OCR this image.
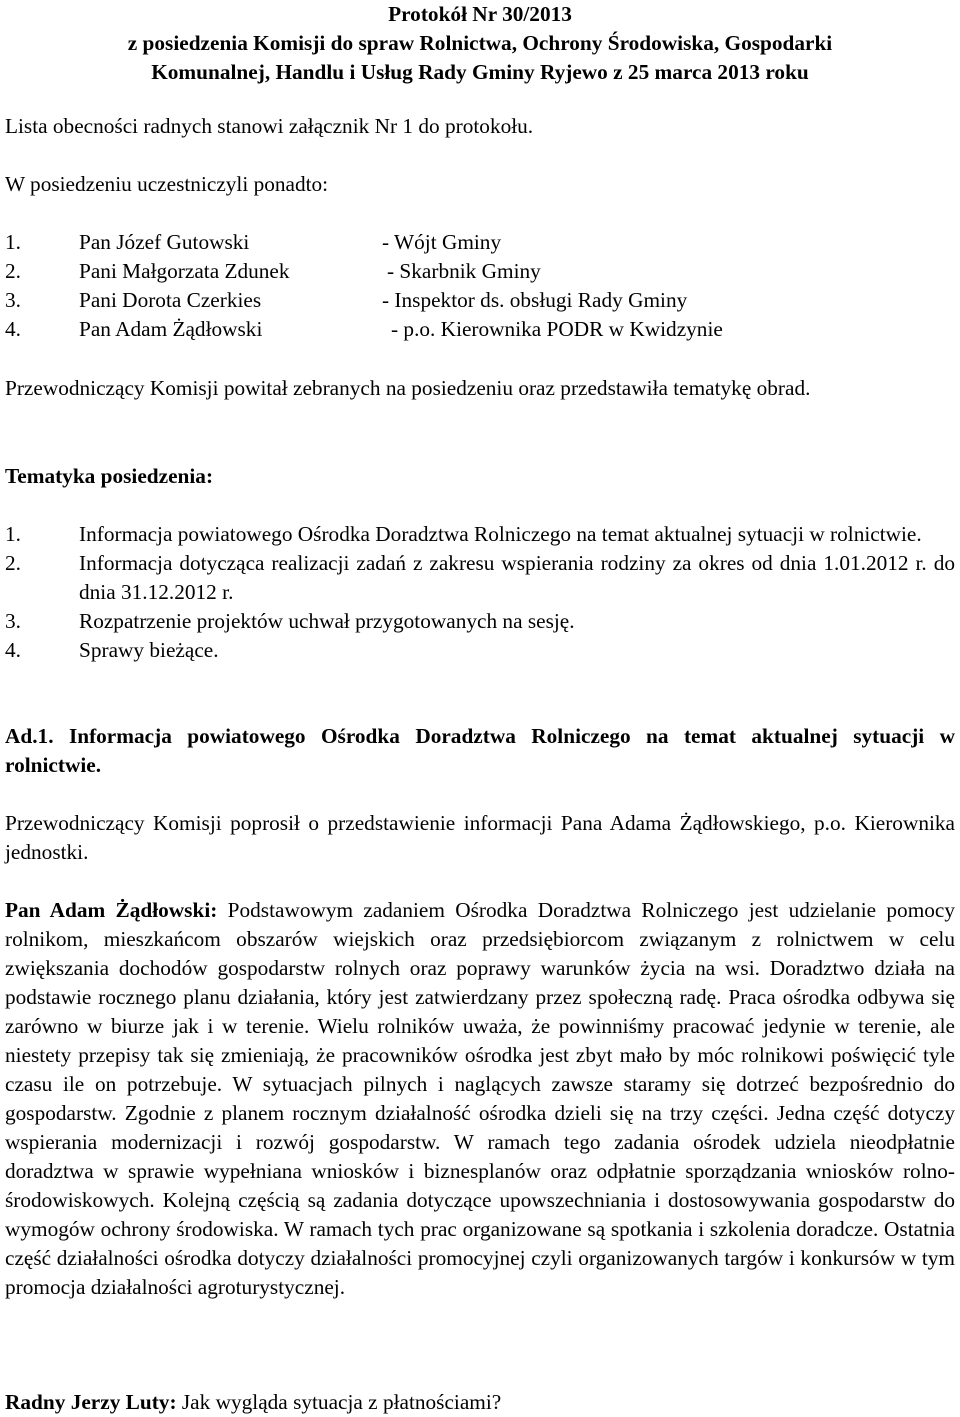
Protokół Nr 30/2013
z posiedzenia Komisji do spraw Rolnictwa, Ochrony Środowiska, Gospodarki
Komunalnej, Handlu i Usług Rady Gminy Ryjewo z 25 marca 2013 roku

Lista obecności radnych stanowi załącznik Nr 1 do protokołu.

W posiedzeniu uczestniczyli ponadto:

1.	Pan Józef Gutowski	- Wójt Gminy
2.	Pani Małgorzata Zdunek	- Skarbnik Gminy
3.	Pani Dorota Czerkies	- Inspektor ds. obsługi Rady Gminy
4.	Pan Adam Żądłowski	- p.o. Kierownika PODR w Kwidzynie

Przewodniczący Komisji powitał zebranych na posiedzeniu oraz przedstawiła tematykę obrad.

Tematyka posiedzenia:

1.	Informacja powiatowego Ośrodka Doradztwa Rolniczego na temat aktualnej sytuacji w rolnictwie.
2.	Informacja dotycząca realizacji zadań z zakresu wspierania rodziny za okres od dnia 1.01.2012 r. do dnia 31.12.2012 r.
3.	Rozpatrzenie projektów uchwał przygotowanych na sesję.
4.	Sprawy bieżące.

Ad.1. Informacja powiatowego Ośrodka Doradztwa Rolniczego na temat aktualnej sytuacji w rolnictwie.

Przewodniczący Komisji poprosił o przedstawienie informacji Pana Adama Żądłowskiego, p.o. Kierownika jednostki.

Pan Adam Żądłowski: Podstawowym zadaniem Ośrodka Doradztwa Rolniczego jest udzielanie pomocy rolnikom, mieszkańcom obszarów wiejskich oraz przedsiębiorcom związanym z rolnictwem w celu zwiększania dochodów gospodarstw rolnych oraz poprawy warunków życia na wsi. Doradztwo działa na podstawie rocznego planu działania, który jest zatwierdzany przez społeczną radę. Praca ośrodka odbywa się zarówno w biurze jak i w terenie. Wielu rolników uważa, że powinniśmy pracować jedynie w terenie, ale niestety przepisy tak się zmieniają, że pracowników ośrodka jest zbyt mało by móc rolnikowi poświęcić tyle czasu ile on potrzebuje. W sytuacjach pilnych i naglących zawsze staramy się dotrzeć bezpośrednio do gospodarstw. Zgodnie z planem rocznym działalność ośrodka dzieli się na trzy części. Jedna część dotyczy wspierania modernizacji i rozwój gospodarstw. W ramach tego zadania ośrodek udziela nieodpłatnie doradztwa w sprawie wypełniana wniosków i biznesplanów oraz odpłatnie sporządzania wniosków rolno-środowiskowych. Kolejną częścią są zadania dotyczące upowszechniania i dostosowywania gospodarstw do wymogów ochrony środowiska. W ramach tych prac organizowane są spotkania i szkolenia doradcze. Ostatnia część działalności ośrodka dotyczy działalności promocyjnej czyli organizowanych targów i konkursów w tym promocja działalności agroturystycznej.

Radny Jerzy Luty: Jak wygląda sytuacja z płatnościami?
